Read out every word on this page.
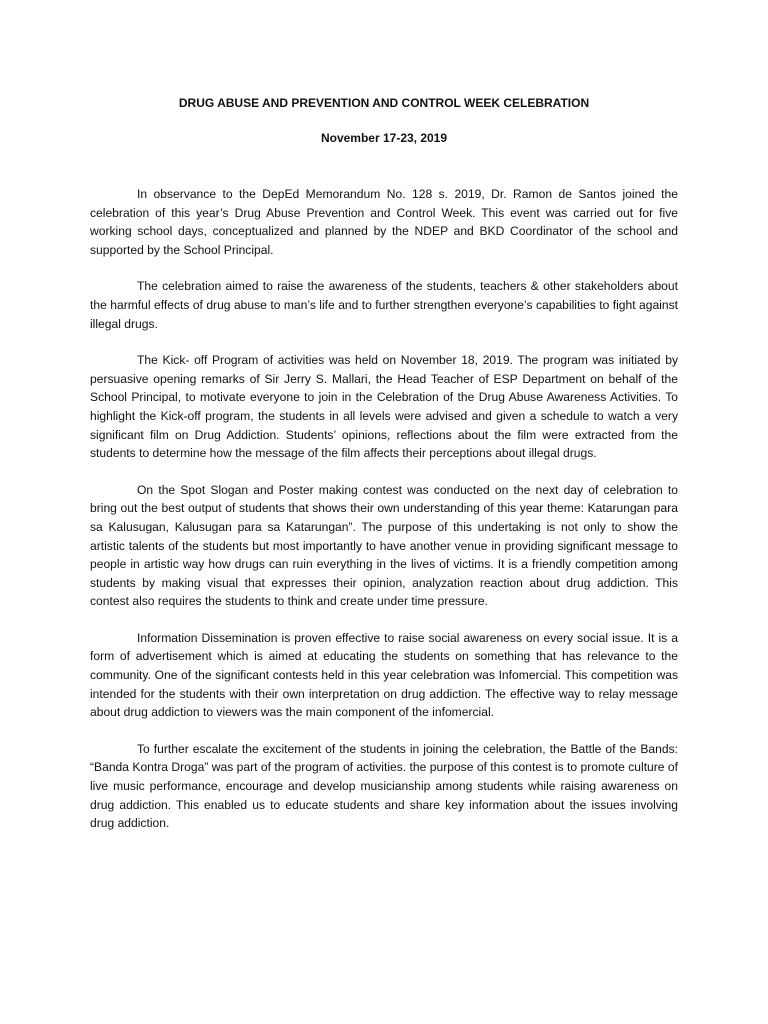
DRUG ABUSE AND PREVENTION AND CONTROL WEEK CELEBRATION
November 17-23, 2019

In observance to the DepEd Memorandum No. 128 s. 2019, Dr. Ramon de Santos joined the celebration of this year’s Drug Abuse Prevention and Control Week. This event was carried out for five working school days, conceptualized and planned by the NDEP and BKD Coordinator of the school and supported by the School Principal.

The celebration aimed to raise the awareness of the students, teachers & other stakeholders about the harmful effects of drug abuse to man’s life and to further strengthen everyone’s capabilities to fight against illegal drugs.

The Kick- off Program of activities was held on November 18, 2019. The program was initiated by persuasive opening remarks of Sir Jerry S. Mallari, the Head Teacher of ESP Department on behalf of the School Principal, to motivate everyone to join in the Celebration of the Drug Abuse Awareness Activities. To highlight the Kick-off program, the students in all levels were advised and given a schedule to watch a very significant film on Drug Addiction. Students’ opinions, reflections about the film were extracted from the students to determine how the message of the film affects their perceptions about illegal drugs.

On the Spot Slogan and Poster making contest was conducted on the next day of celebration to bring out the best output of students that shows their own understanding of this year theme: Katarungan para sa Kalusugan, Kalusugan para sa Katarungan”. The purpose of this undertaking is not only to show the artistic talents of the students but most importantly to have another venue in providing significant message to people in artistic way how drugs can ruin everything in the lives of victims. It is a friendly competition among students by making visual that expresses their opinion, analyzation reaction about drug addiction. This contest also requires the students to think and create under time pressure.

Information Dissemination is proven effective to raise social awareness on every social issue. It is a form of advertisement which is aimed at educating the students on something that has relevance to the community. One of the significant contests held in this year celebration was Infomercial. This competition was intended for the students with their own interpretation on drug addiction. The effective way to relay message about drug addiction to viewers was the main component of the infomercial.

To further escalate the excitement of the students in joining the celebration, the Battle of the Bands: “Banda Kontra Droga” was part of the program of activities. the purpose of this contest is to promote culture of live music performance, encourage and develop musicianship among students while raising awareness on drug addiction. This enabled us to educate students and share key information about the issues involving drug addiction.
